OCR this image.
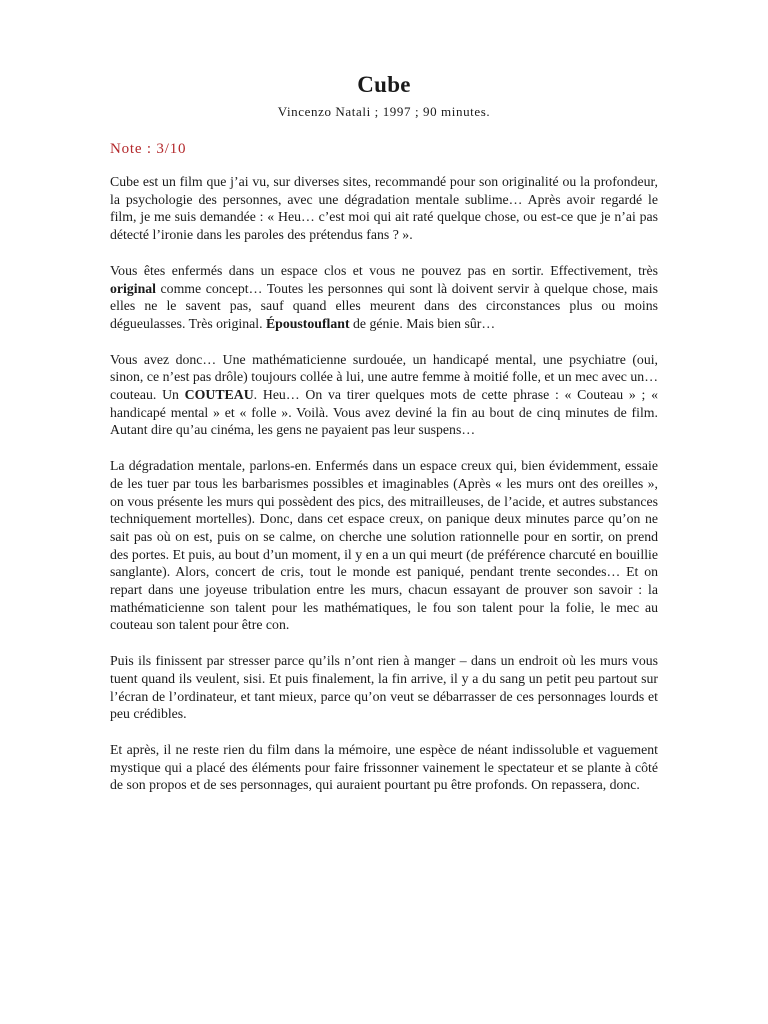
Cube
Vincenzo Natali ; 1997 ; 90 minutes.
Note : 3/10

Cube est un film que j’ai vu, sur diverses sites, recommandé pour son originalité ou la profondeur, la psychologie des personnes, avec une dégradation mentale sublime… Après avoir regardé le film, je me suis demandée : « Heu… c’est moi qui ait raté quelque chose, ou est-ce que je n’ai pas détecté l’ironie dans les paroles des prétendus fans ? ».

Vous êtes enfermés dans un espace clos et vous ne pouvez pas en sortir. Effectivement, très original comme concept… Toutes les personnes qui sont là doivent servir à quelque chose, mais elles ne le savent pas, sauf quand elles meurent dans des circonstances plus ou moins dégueulasses. Très original. Époustouflant de génie. Mais bien sûr…

Vous avez donc… Une mathématicienne surdouée, un handicapé mental, une psychiatre (oui, sinon, ce n’est pas drôle) toujours collée à lui, une autre femme à moitié folle, et un mec avec un… couteau. Un COUTEAU. Heu… On va tirer quelques mots de cette phrase : « Couteau » ; « handicapé mental » et « folle ». Voilà. Vous avez deviné la fin au bout de cinq minutes de film. Autant dire qu’au cinéma, les gens ne payaient pas leur suspens…

La dégradation mentale, parlons-en. Enfermés dans un espace creux qui, bien évidemment, essaie de les tuer par tous les barbarismes possibles et imaginables (Après « les murs ont des oreilles », on vous présente les murs qui possèdent des pics, des mitrailleuses, de l’acide, et autres substances techniquement mortelles). Donc, dans cet espace creux, on panique deux minutes parce qu’on ne sait pas où on est, puis on se calme, on cherche une solution rationnelle pour en sortir, on prend des portes. Et puis, au bout d’un moment, il y en a un qui meurt (de préférence charcuté en bouillie sanglante). Alors, concert de cris, tout le monde est paniqué, pendant trente secondes… Et on repart dans une joyeuse tribulation entre les murs, chacun essayant de prouver son savoir : la mathématicienne son talent pour les mathématiques, le fou son talent pour la folie, le mec au couteau son talent pour être con.

Puis ils finissent par stresser parce qu’ils n’ont rien à manger – dans un endroit où les murs vous tuent quand ils veulent, sisi. Et puis finalement, la fin arrive, il y a du sang un petit peu partout sur l’écran de l’ordinateur, et tant mieux, parce qu’on veut se débarrasser de ces personnages lourds et peu crédibles.

Et après, il ne reste rien du film dans la mémoire, une espèce de néant indissoluble et vaguement mystique qui a placé des éléments pour faire frissonner vainement le spectateur et se plante à côté de son propos et de ses personnages, qui auraient pourtant pu être profonds. On repassera, donc.
